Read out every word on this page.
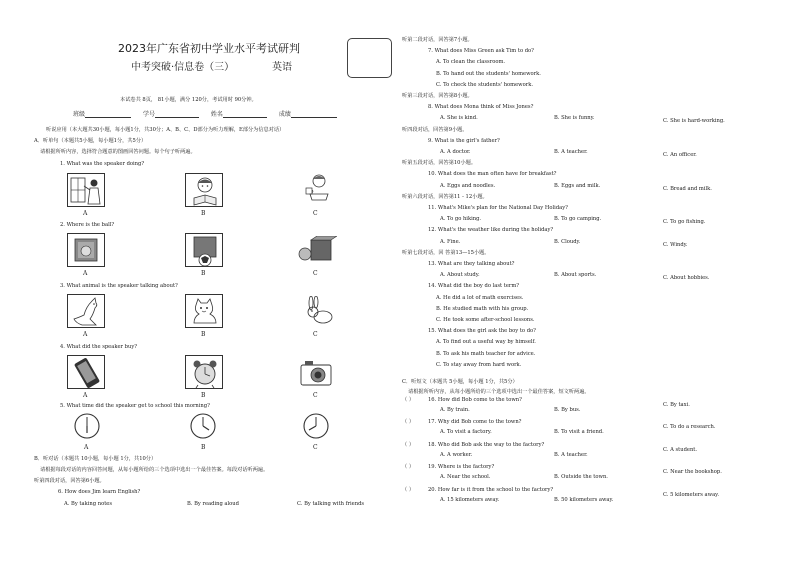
2023年广东省初中学业水平考试研判
中考突破·信息卷（三）	英语
本试卷共 8页， 81小题，满分 120分，考试用时 90分钟。
班级	学号	姓名	成绩
听说应用（本大题共30小题，每小题1分，共30分；A、B、C、D部分为听力理解，E部分为信息对话）
A．听单句（本题共5小题，每小题1分，共5分）
请根据所听内容，选择符合题意的图画回答问题。每个句子听两遍。
1. What was the speaker doing?
A	B	C
2. Where is the ball?
A	B	C
3. What animal is the speaker talking about?
A	B	C
4. What did the speaker buy?
A	B	C
5. What time did the speaker get to school this morning?
A	B	C
B．听对话（本题共 10小题，每小题 1分，共10分）
请根据每段对话的内容回答问题，从每小题所给的三个选项中选出一个最佳答案。每段对话听两遍。
听第四段对话，回答第6小题。
6. How does Jim learn English?
A. By taking notes	B. By reading aloud	C. By talking with friends
听第二段对话，回答第7小题。
7. What does Miss Green ask Tim to do?
A. To clean the classroom.
B. To hand out the students' homework.
C. To check the students' homework.
听第三段对话，回答第8小题。
8. What does Mona think of Miss Jones?
A. She is kind.	B. She is funny.	C. She is hard-working.
听四段对话，回答第9小题。
9. What is the girl's father?
A. A doctor.	B. A teacher.	C. An officer.
听第五段对话，回答第10小题。
10. What does the man often have for breakfast?
A. Eggs and noodles.	B. Eggs and milk.	C. Bread and milk.
听第六段对话，回答第11 - 12小题。
11. What's Mike's plan for the National Day Holiday?
A. To go hiking.	B. To go camping.	C. To go fishing.
12. What's the weather like during the holiday?
A. Fine.	B. Cloudy.	C. Windy.
听第七段对话，回 答第13—15小题。
13. What are they talking about?
A. About study.	B. About sports.	C. About hobbies.
14. What did the boy do last term?
A. He did a lot of math exercises.
B. He studied math with his group.
C. He took some after-school lessons.
15. What does the girl ask the boy to do?
A. To find out a useful way by himself.
B. To ask his math teacher for advice.
C. To stay away from hard work.
C．听短文（本题共 5小题，每小题 1分，共5分）
请根据所听内容，从每小题所给的三个选项中选出一个最佳答案，短文听两遍。
（ ）	16. How did Bob come to the town?
A. By train.	B. By bus.
C. By taxi.
（ ）	17. Why did Bob come to the town?
A. To visit a factory.	B. To visit a friend.
C. To do a research.
（ ）	18. Who did Bob ask the way to the factory?
A. A worker.	B. A teacher.
C. A student.
（ ）	19. Where is the factory?
A. Near the school.	B. Outside the town.
C. Near the bookshop.
（ ）	20. How far is it from the school to the factory?
A. 15 kilometers away.	B. 50 kilometers away.
C. 5 kilometers away.
